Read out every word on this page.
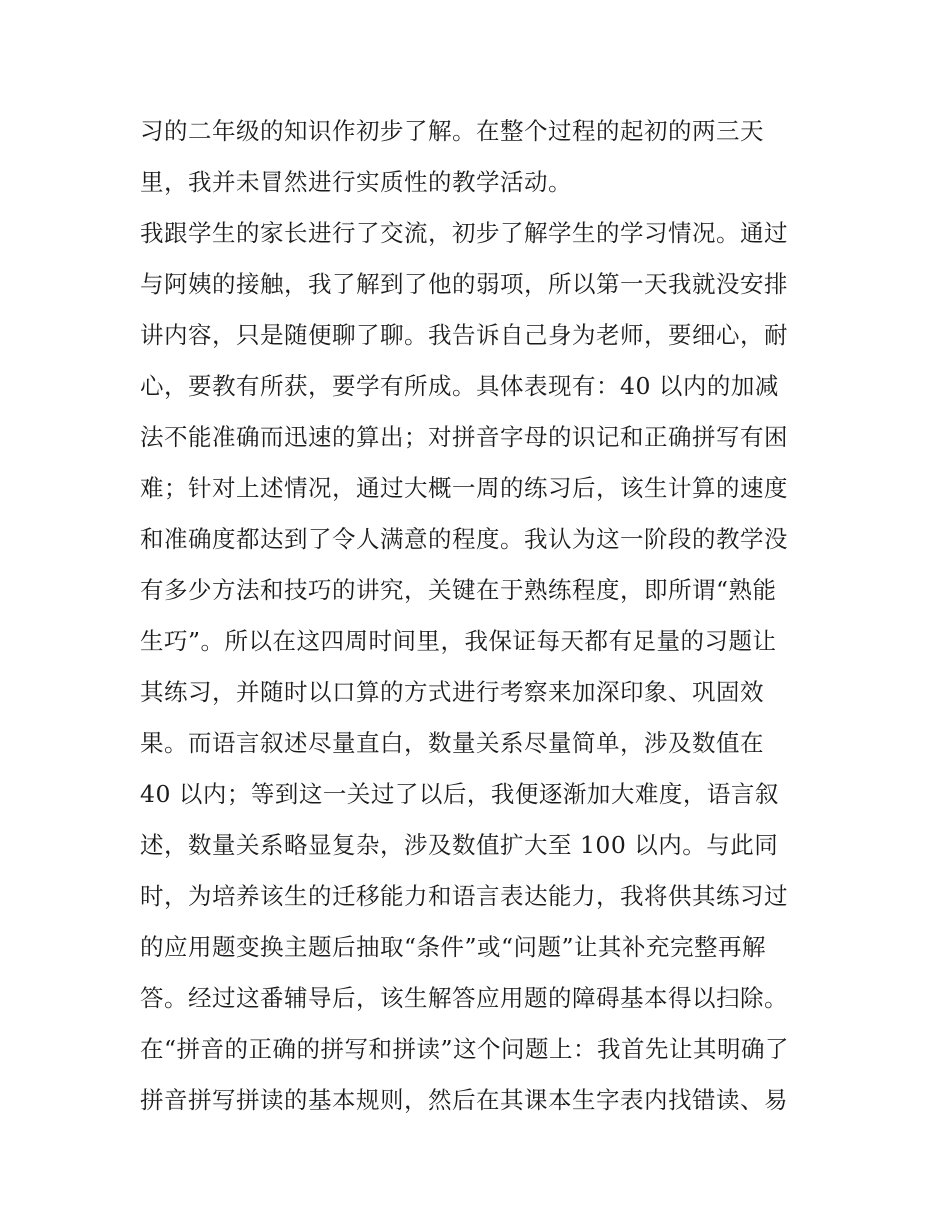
习的二年级的知识作初步了解。在整个过程的起初的两三天
里，我并未冒然进行实质性的教学活动。
我跟学生的家长进行了交流，初步了解学生的学习情况。通过
与阿姨的接触，我了解到了他的弱项，所以第一天我就没安排
讲内容，只是随便聊了聊。我告诉自己身为老师，要细心，耐
心，要教有所获，要学有所成。具体表现有：40 以内的加减
法不能准确而迅速的算出；对拼音字母的识记和正确拼写有困
难；针对上述情况，通过大概一周的练习后，该生计算的速度
和准确度都达到了令人满意的程度。我认为这一阶段的教学没
有多少方法和技巧的讲究，关键在于熟练程度，即所谓“熟能
生巧”。所以在这四周时间里，我保证每天都有足量的习题让
其练习，并随时以口算的方式进行考察来加深印象、巩固效
果。而语言叙述尽量直白，数量关系尽量简单，涉及数值在
40 以内；等到这一关过了以后，我便逐渐加大难度，语言叙
述，数量关系略显复杂，涉及数值扩大至 100 以内。与此同
时，为培养该生的迁移能力和语言表达能力，我将供其练习过
的应用题变换主题后抽取“条件”或“问题”让其补充完整再解
答。经过这番辅导后，该生解答应用题的障碍基本得以扫除。
在“拼音的正确的拼写和拼读”这个问题上：我首先让其明确了
拼音拼写拼读的基本规则，然后在其课本生字表内找错读、易
